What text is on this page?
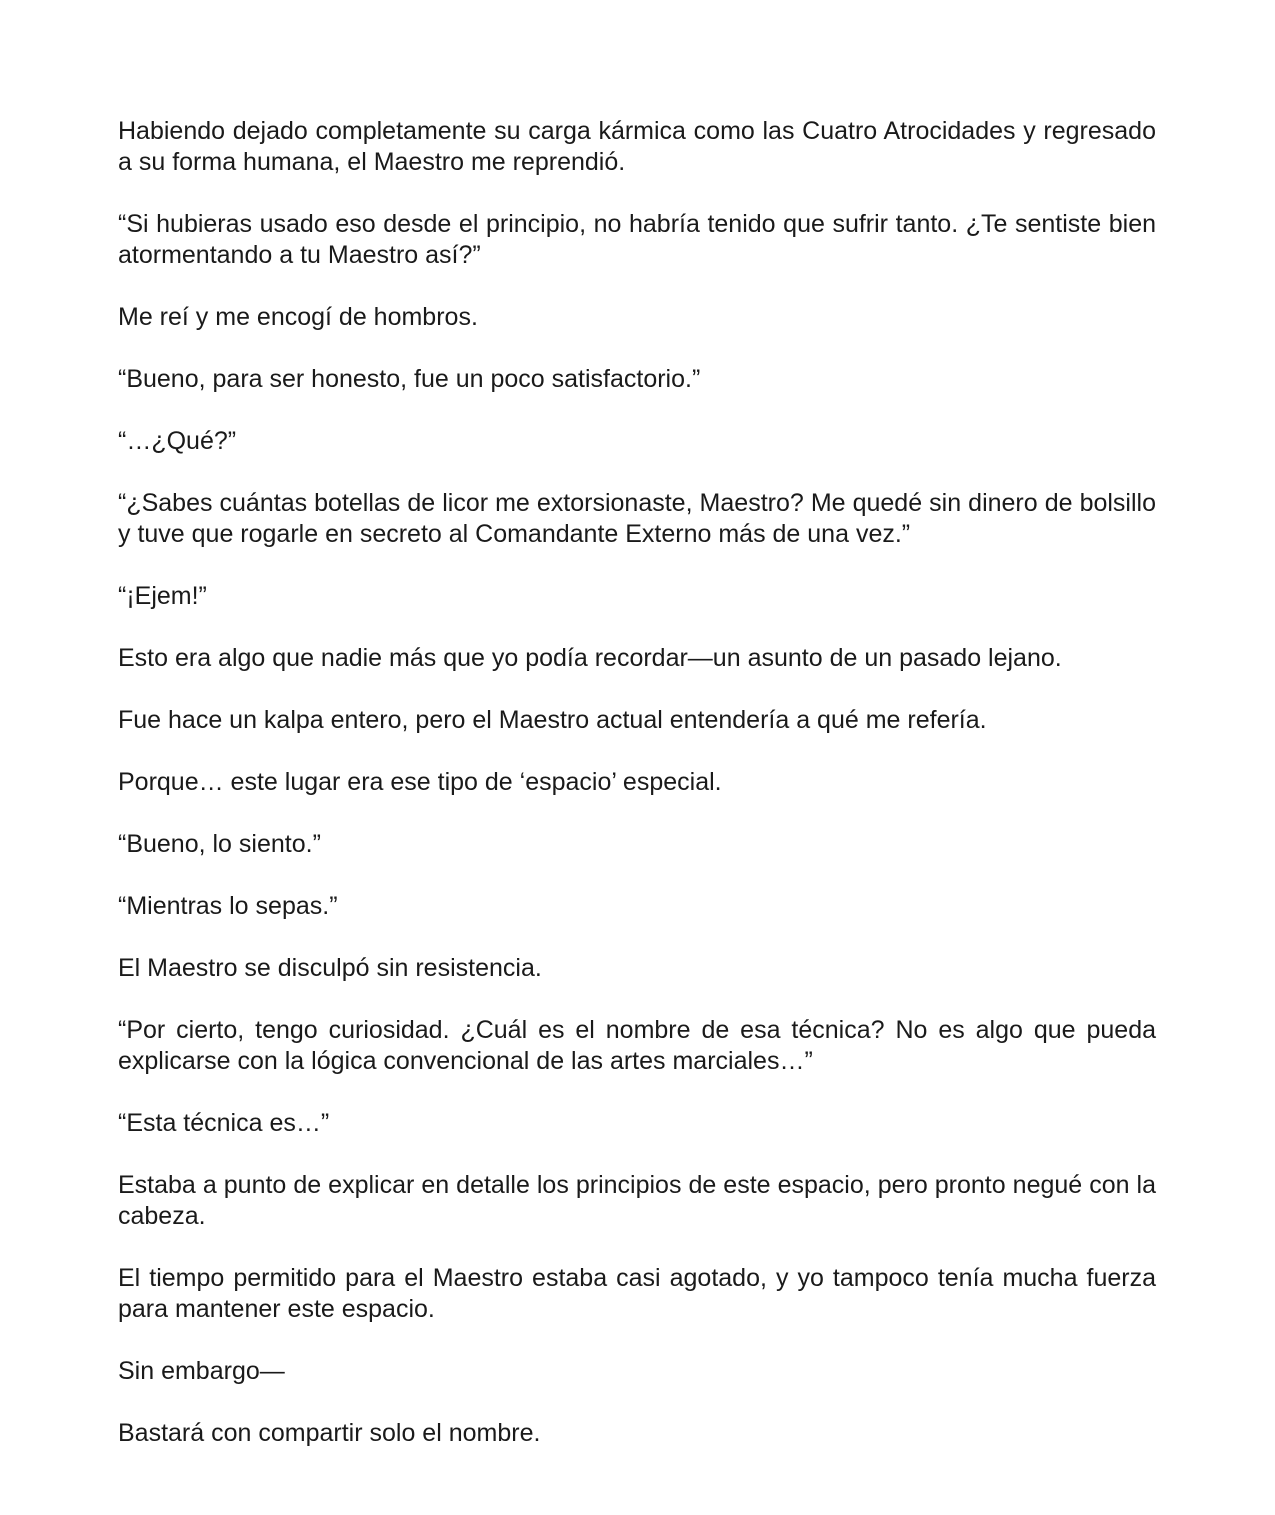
Habiendo dejado completamente su carga kármica como las Cuatro Atrocidades y regresado a su forma humana, el Maestro me reprendió.

“Si hubieras usado eso desde el principio, no habría tenido que sufrir tanto. ¿Te sentiste bien atormentando a tu Maestro así?”

Me reí y me encogí de hombros.

“Bueno, para ser honesto, fue un poco satisfactorio.”

“…¿Qué?”

“¿Sabes cuántas botellas de licor me extorsionaste, Maestro? Me quedé sin dinero de bolsillo y tuve que rogarle en secreto al Comandante Externo más de una vez.”

“¡Ejem!”

Esto era algo que nadie más que yo podía recordar—un asunto de un pasado lejano.

Fue hace un kalpa entero, pero el Maestro actual entendería a qué me refería.

Porque… este lugar era ese tipo de ‘espacio’ especial.

“Bueno, lo siento.”

“Mientras lo sepas.”

El Maestro se disculpó sin resistencia.

“Por cierto, tengo curiosidad. ¿Cuál es el nombre de esa técnica? No es algo que pueda explicarse con la lógica convencional de las artes marciales…”

“Esta técnica es…”

Estaba a punto de explicar en detalle los principios de este espacio, pero pronto negué con la cabeza.

El tiempo permitido para el Maestro estaba casi agotado, y yo tampoco tenía mucha fuerza para mantener este espacio.

Sin embargo—

Bastará con compartir solo el nombre.
